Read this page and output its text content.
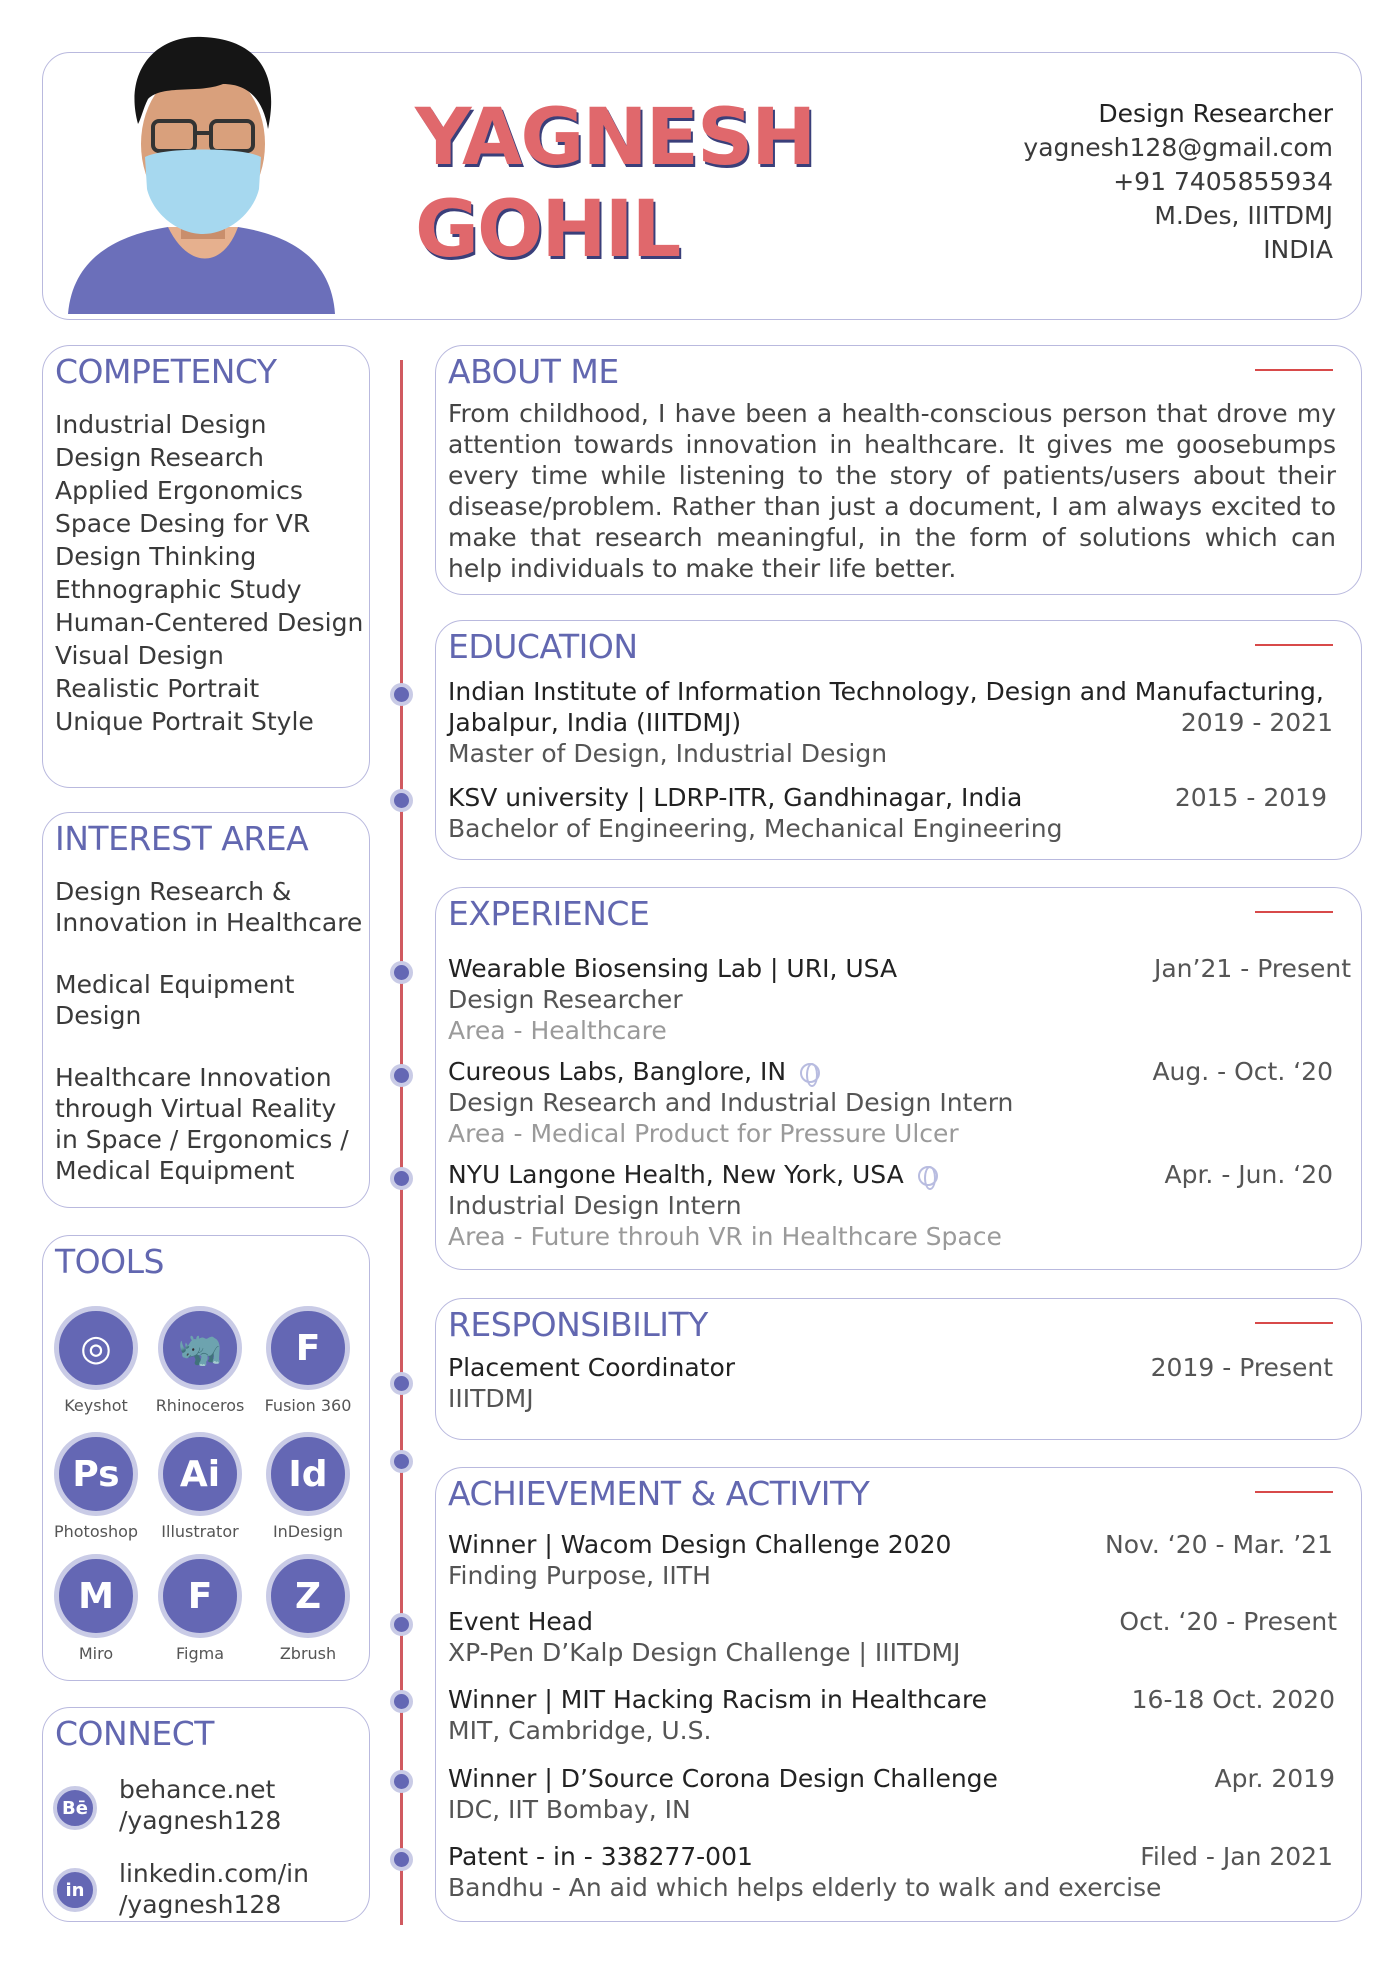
YAGNESH
GOHIL
Design Researcher
yagnesh128@gmail.com
+91 7405855934
M.Des, IIITDMJ
INDIA
COMPETENCY
Industrial Design
Design Research
Applied Ergonomics
Space Desing for VR
Design Thinking
Ethnographic Study
Human-Centered Design
Visual Design
Realistic Portrait
Unique Portrait Style
INTEREST AREA
Design Research &
Innovation in Healthcare
Medical Equipment
Design
Healthcare Innovation
through Virtual Reality
in Space / Ergonomics /
Medical Equipment
TOOLS
◎
Keyshot
🦏
Rhinoceros
F
Fusion 360
Ps
Photoshop
Ai
Illustrator
Id
InDesign
M
Miro
F
Figma
Z
Zbrush
CONNECT
Bē
behance.net
/yagnesh128
in
linkedin.com/in
/yagnesh128
ABOUT ME
From childhood, I have been a health-conscious person that drove my attention towards innovation in healthcare. It gives me goosebumps every time while listening to the story of patients/users about their disease/problem. Rather than just a document, I am always excited to make that research meaningful, in the form of solutions which can help individuals to make their life better.
EDUCATION
Indian Institute of Information Technology, Design and Manufacturing,
Jabalpur, India (IIITDMJ)	2019 - 2021
Master of Design, Industrial Design
KSV university | LDRP-ITR, Gandhinagar, India	2015 - 2019
Bachelor of Engineering, Mechanical Engineering
EXPERIENCE
Wearable Biosensing Lab | URI, USA	Jan’21 - Present
Design Researcher
Area - Healthcare
Cureous Labs, Banglore, IN	Aug. - Oct. ‘20
Design Research and Industrial Design Intern
Area - Medical Product for Pressure Ulcer
NYU Langone Health, New York, USA	Apr. - Jun. ‘20
Industrial Design Intern
Area - Future throuh VR in Healthcare Space
RESPONSIBILITY
Placement Coordinator	2019 - Present
IIITDMJ
ACHIEVEMENT & ACTIVITY
Winner | Wacom Design Challenge 2020	Nov. ‘20 - Mar. ’21
Finding Purpose, IITH
Event Head	Oct. ‘20 - Present
XP-Pen D’Kalp Design Challenge | IIITDMJ
Winner | MIT Hacking Racism in Healthcare	16-18 Oct. 2020
MIT, Cambridge, U.S.
Winner | D’Source Corona Design Challenge	Apr. 2019
IDC, IIT Bombay, IN
Patent - in - 338277-001	Filed - Jan 2021
Bandhu - An aid which helps elderly to walk and exercise
